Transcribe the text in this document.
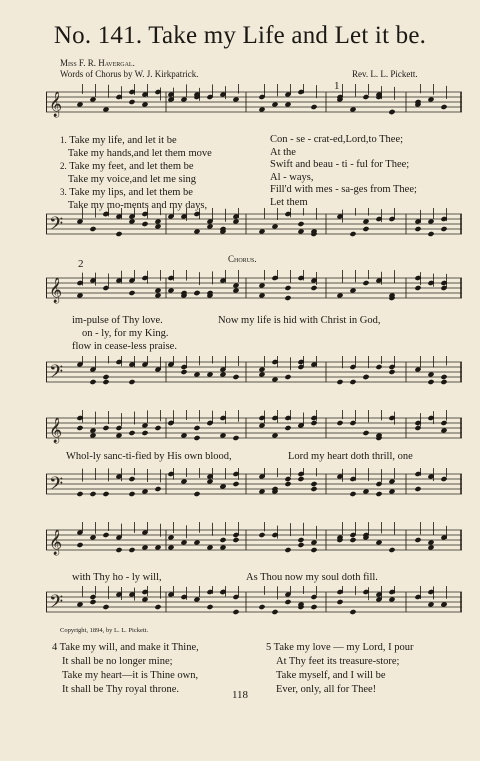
No. 141. Take my Life and Let it be.
Miss F. R. Havergal.
Words of Chorus by W. J. Kirkpatrick.	Rev. L. L. Pickett.
𝄞
1
1. Take my life, and let it be
Take my hands,and let them move
2. Take my feet, and let them be
Take my voice,and let me sing
3. Take my lips, and let them be
Take my mo-ments and my days,
Con - se - crat-ed,Lord,to Thee;
At the
Swift and beau - ti - ful for Thee;
Al - ways,
Fill'd with mes - sa-ges from Thee;
Let them
𝄢
2	Chorus.
𝄞
im-pulse of Thy love.	Now my life is hid with Christ in God,
on - ly, for my King.
flow in cease-less praise.
𝄢
𝄞
Whol-ly sanc-ti-fied by His own blood,	Lord my heart doth thrill, one
𝄢
𝄞
with Thy ho - ly will,	As Thou now my soul doth fill.
𝄢
Copyright, 1894, by L. L. Pickett.
4 Take my will, and make it Thine,
It shall be no longer mine;
Take my heart—it is Thine own,
It shall be Thy royal throne.
5 Take my love — my Lord, I pour
At Thy feet its treasure-store;
Take myself, and I will be
Ever, only, all for Thee!
118
